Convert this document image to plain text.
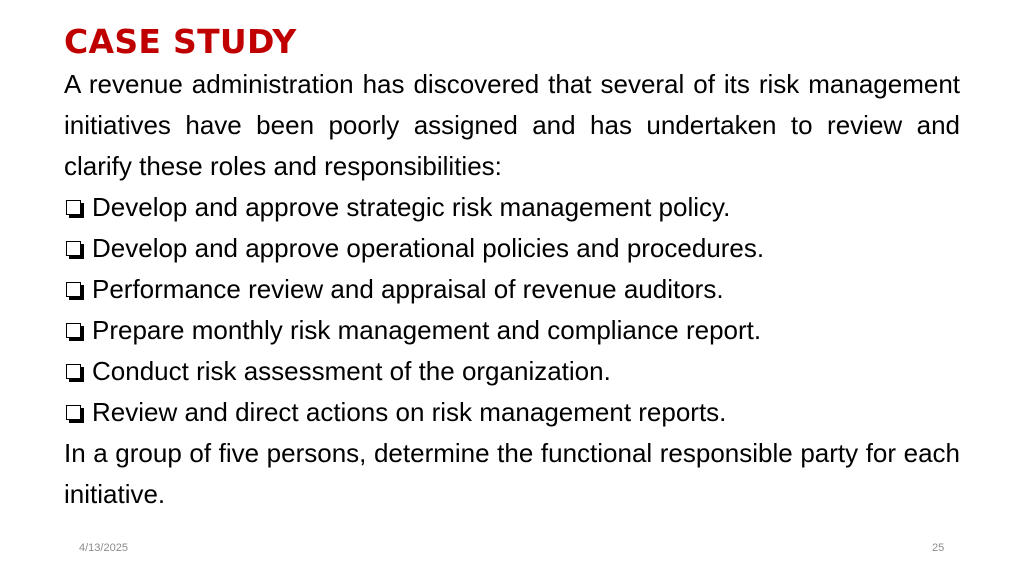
CASE STUDY

A revenue administration has discovered that several of its risk management initiatives have been poorly assigned and has undertaken to review and clarify these roles and responsibilities:

Develop and approve strategic risk management policy.
Develop and approve operational policies and procedures.
Performance review and appraisal of revenue auditors.
Prepare monthly risk management and compliance report.
Conduct risk assessment of the organization.
Review and direct actions on risk management reports.

In a group of five persons, determine the functional responsible party for each initiative.

4/13/2025	25
